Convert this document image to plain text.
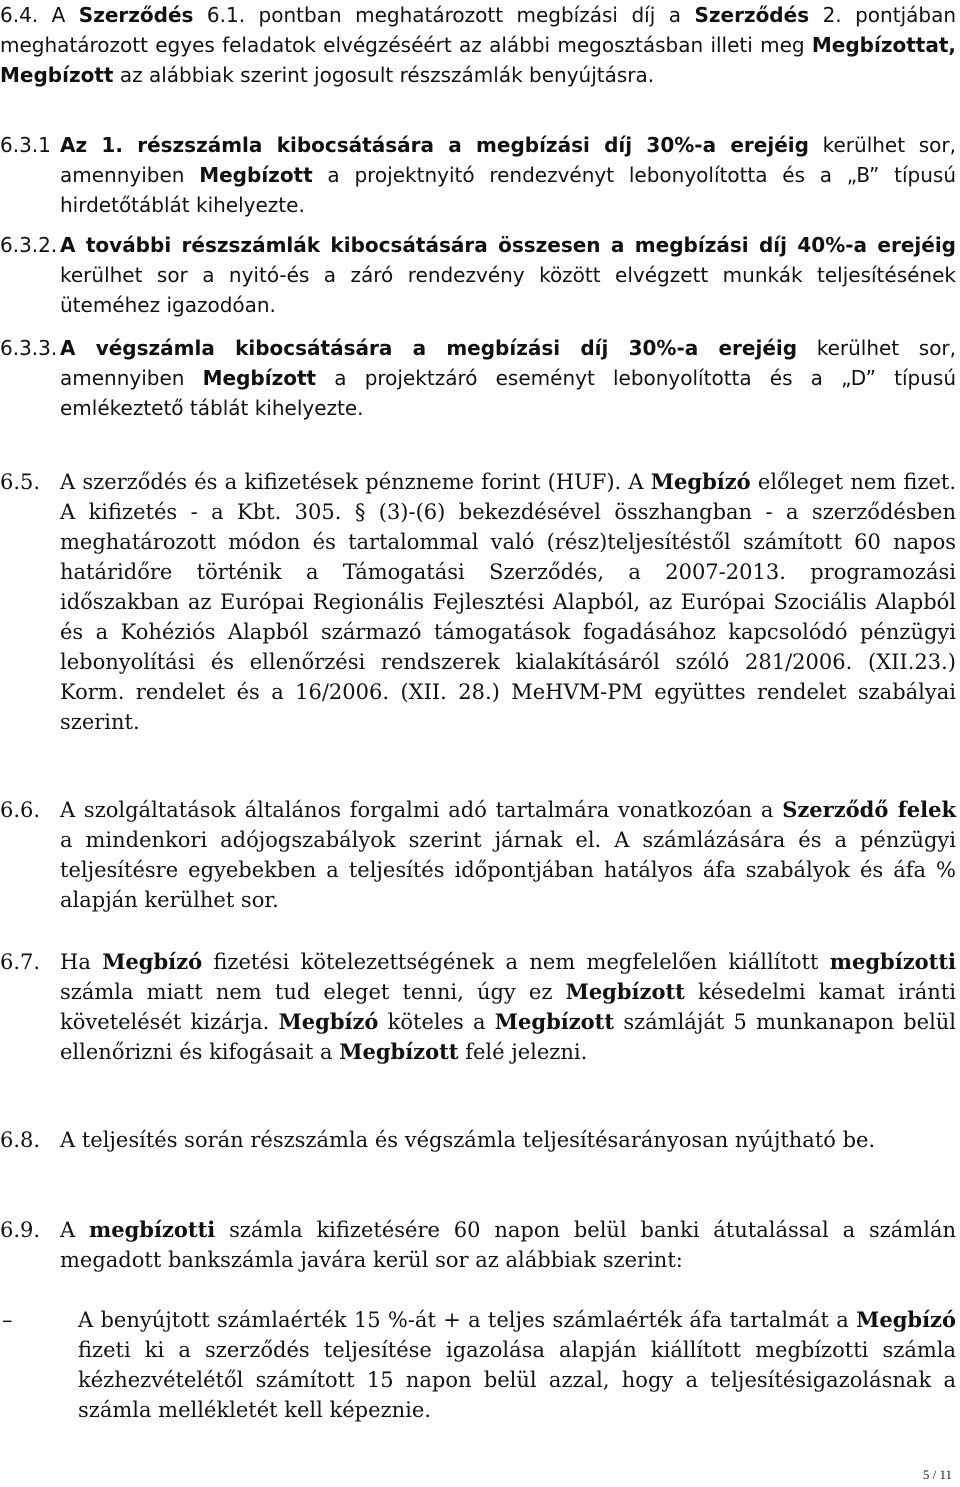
6.4. A Szerződés 6.1. pontban meghatározott megbízási díj a Szerződés 2. pontjában meghatározott egyes feladatok elvégzéséért az alábbi megosztásban illeti meg Megbízottat, Megbízott az alábbiak szerint jogosult részszámlák benyújtásra.
6.3.1 Az 1. részszámla kibocsátására a megbízási díj 30%-a erejéig kerülhet sor, amennyiben Megbízott a projektnyitó rendezvényt lebonyolította és a „B” típusú hirdetőtáblát kihelyezte.
6.3.2. A további részszámlák kibocsátására összesen a megbízási díj 40%-a erejéig kerülhet sor a nyitó-és a záró rendezvény között elvégzett munkák teljesítésének üteméhez igazodóan.
6.3.3. A végszámla kibocsátására a megbízási díj 30%-a erejéig kerülhet sor, amennyiben Megbízott a projektzáró eseményt lebonyolította és a „D” típusú emlékeztető táblát kihelyezte.
6.5. A szerződés és a kifizetések pénzneme forint (HUF). A Megbízó előleget nem fizet. A kifizetés - a Kbt. 305. § (3)-(6) bekezdésével összhangban - a szerződésben meghatározott módon és tartalommal való (rész)teljesítéstől számított 60 napos határidőre történik a Támogatási Szerződés, a 2007-2013. programozási időszakban az Európai Regionális Fejlesztési Alapból, az Európai Szociális Alapból és a Kohéziós Alapból származó támogatások fogadásához kapcsolódó pénzügyi lebonyolítási és ellenőrzési rendszerek kialakításáról szóló 281/2006. (XII.23.) Korm. rendelet és a 16/2006. (XII. 28.) MeHVM-PM együttes rendelet szabályai szerint.
6.6. A szolgáltatások általános forgalmi adó tartalmára vonatkozóan a Szerződő felek a mindenkori adójogszabályok szerint járnak el. A számlázására és a pénzügyi teljesítésre egyebekben a teljesítés időpontjában hatályos áfa szabályok és áfa % alapján kerülhet sor.
6.7. Ha Megbízó fizetési kötelezettségének a nem megfelelően kiállított megbízotti számla miatt nem tud eleget tenni, úgy ez Megbízott késedelmi kamat iránti követelését kizárja. Megbízó köteles a Megbízott számláját 5 munkanapon belül ellenőrizni és kifogásait a Megbízott felé jelezni.
6.8. A teljesítés során részszámla és végszámla teljesítésarányosan nyújtható be.
6.9. A megbízotti számla kifizetésére 60 napon belül banki átutalással a számlán megadott bankszámla javára kerül sor az alábbiak szerint:
–	A benyújtott számlaérték 15 %-át + a teljes számlaérték áfa tartalmát a Megbízó fizeti ki a szerződés teljesítése igazolása alapján kiállított megbízotti számla kézhezvételétől számított 15 napon belül azzal, hogy a teljesítésigazolásnak a számla mellékletét kell képeznie.
5 / 11
